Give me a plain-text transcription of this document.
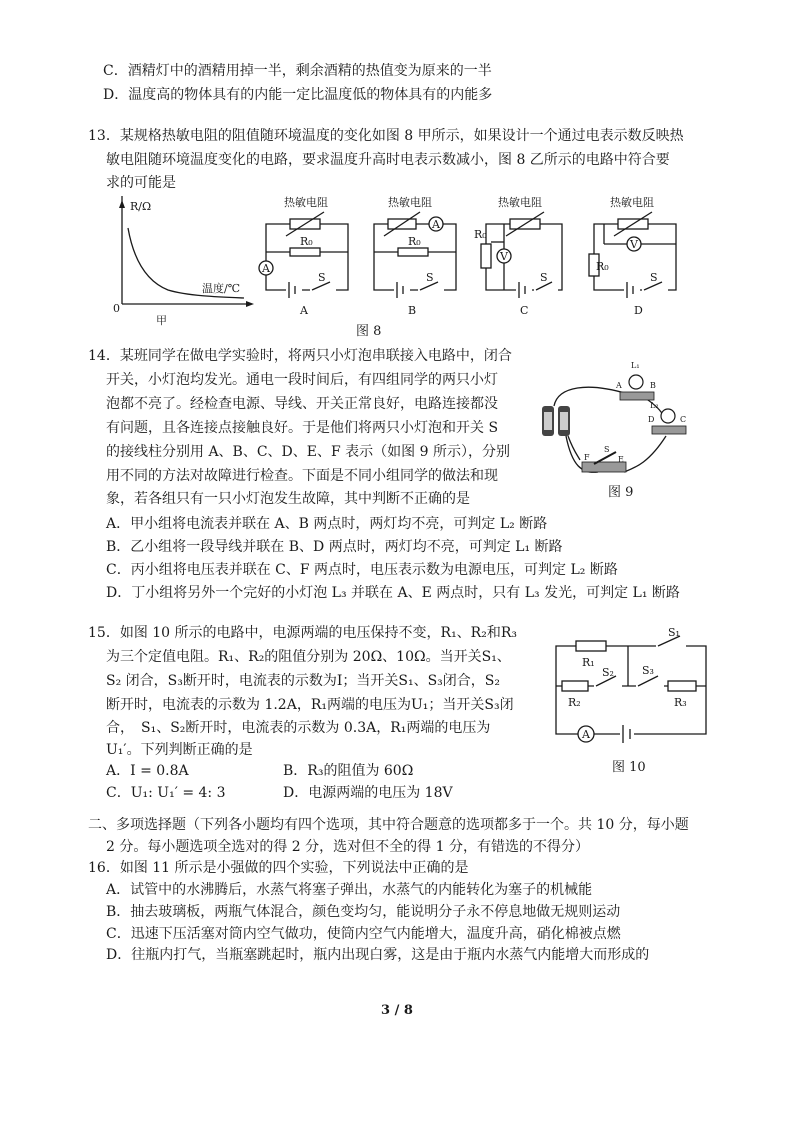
C．酒精灯中的酒精用掉一半，剩余酒精的热值变为原来的一半
D．温度高的物体具有的内能一定比温度低的物体具有的内能多
13．某规格热敏电阻的阻值随环境温度的变化如图 8 甲所示，如果设计一个通过电表示数反映热
敏电阻随环境温度变化的电路，要求温度升高时电表示数减小，图 8 乙所示的电路中符合要
求的可能是
R/Ω
温度/℃
0
甲
热敏电阻
R₀
A
S
A
热敏电阻
A
R₀
S
B
热敏电阻
R₀
V
S
C
热敏电阻
V
R₀
S
D
图 8
14．某班同学在做电学实验时，将两只小灯泡串联接入电路中，闭合
开关，小灯泡均发光。通电一段时间后，有四组同学的两只小灯
泡都不亮了。经检查电源、导线、开关正常良好，电路连接都没
有问题，且各连接点接触良好。于是他们将两只小灯泡和开关 S
的接线柱分别用 A、B、C、D、E、F 表示（如图 9 所示），分别
用不同的方法对故障进行检查。下面是不同小组同学的做法和现
象，若各组只有一只小灯泡发生故障，其中判断不正确的是
L₁
A	B
L₂
D	C
S
F	E
图 9
A．甲小组将电流表并联在 A、B 两点时，两灯均不亮，可判定 L₂ 断路
B．乙小组将一段导线并联在 B、D 两点时，两灯均不亮，可判定 L₁ 断路
C．丙小组将电压表并联在 C、F 两点时，电压表示数为电源电压，可判定 L₂ 断路
D．丁小组将另外一个完好的小灯泡 L₃ 并联在 A、E 两点时，只有 L₃ 发光，可判定 L₁ 断路
15．如图 10 所示的电路中，电源两端的电压保持不变，R₁、R₂和R₃
为三个定值电阻。R₁、R₂的阻值分别为 20Ω、10Ω。当开关S₁、
S₂ 闭合，S₃断开时，电流表的示数为I；当开关S₁、S₃闭合，S₂
断开时，电流表的示数为 1.2A，R₁两端的电压为U₁；当开关S₃闭
合，　S₁、S₂断开时，电流表的示数为 0.3A，R₁两端的电压为
U₁′。下列判断正确的是
A．I = 0.8A	B．R₃的阻值为 60Ω
C．U₁: U₁′ = 4: 3	D．电源两端的电压为 18V
R₁
S₁
R₂
S₂	S₃
R₃
A
图 10
二、多项选择题（下列各小题均有四个选项，其中符合题意的选项都多于一个。共 10 分，每小题
2 分。每小题选项全选对的得 2 分，选对但不全的得 1 分，有错选的不得分）
16．如图 11 所示是小强做的四个实验，下列说法中正确的是
A．试管中的水沸腾后，水蒸气将塞子弹出，水蒸气的内能转化为塞子的机械能
B．抽去玻璃板，两瓶气体混合，颜色变均匀，能说明分子永不停息地做无规则运动
C．迅速下压活塞对筒内空气做功，使筒内空气内能增大，温度升高，硝化棉被点燃
D．往瓶内打气，当瓶塞跳起时，瓶内出现白雾，这是由于瓶内水蒸气内能增大而形成的
3 / 8
